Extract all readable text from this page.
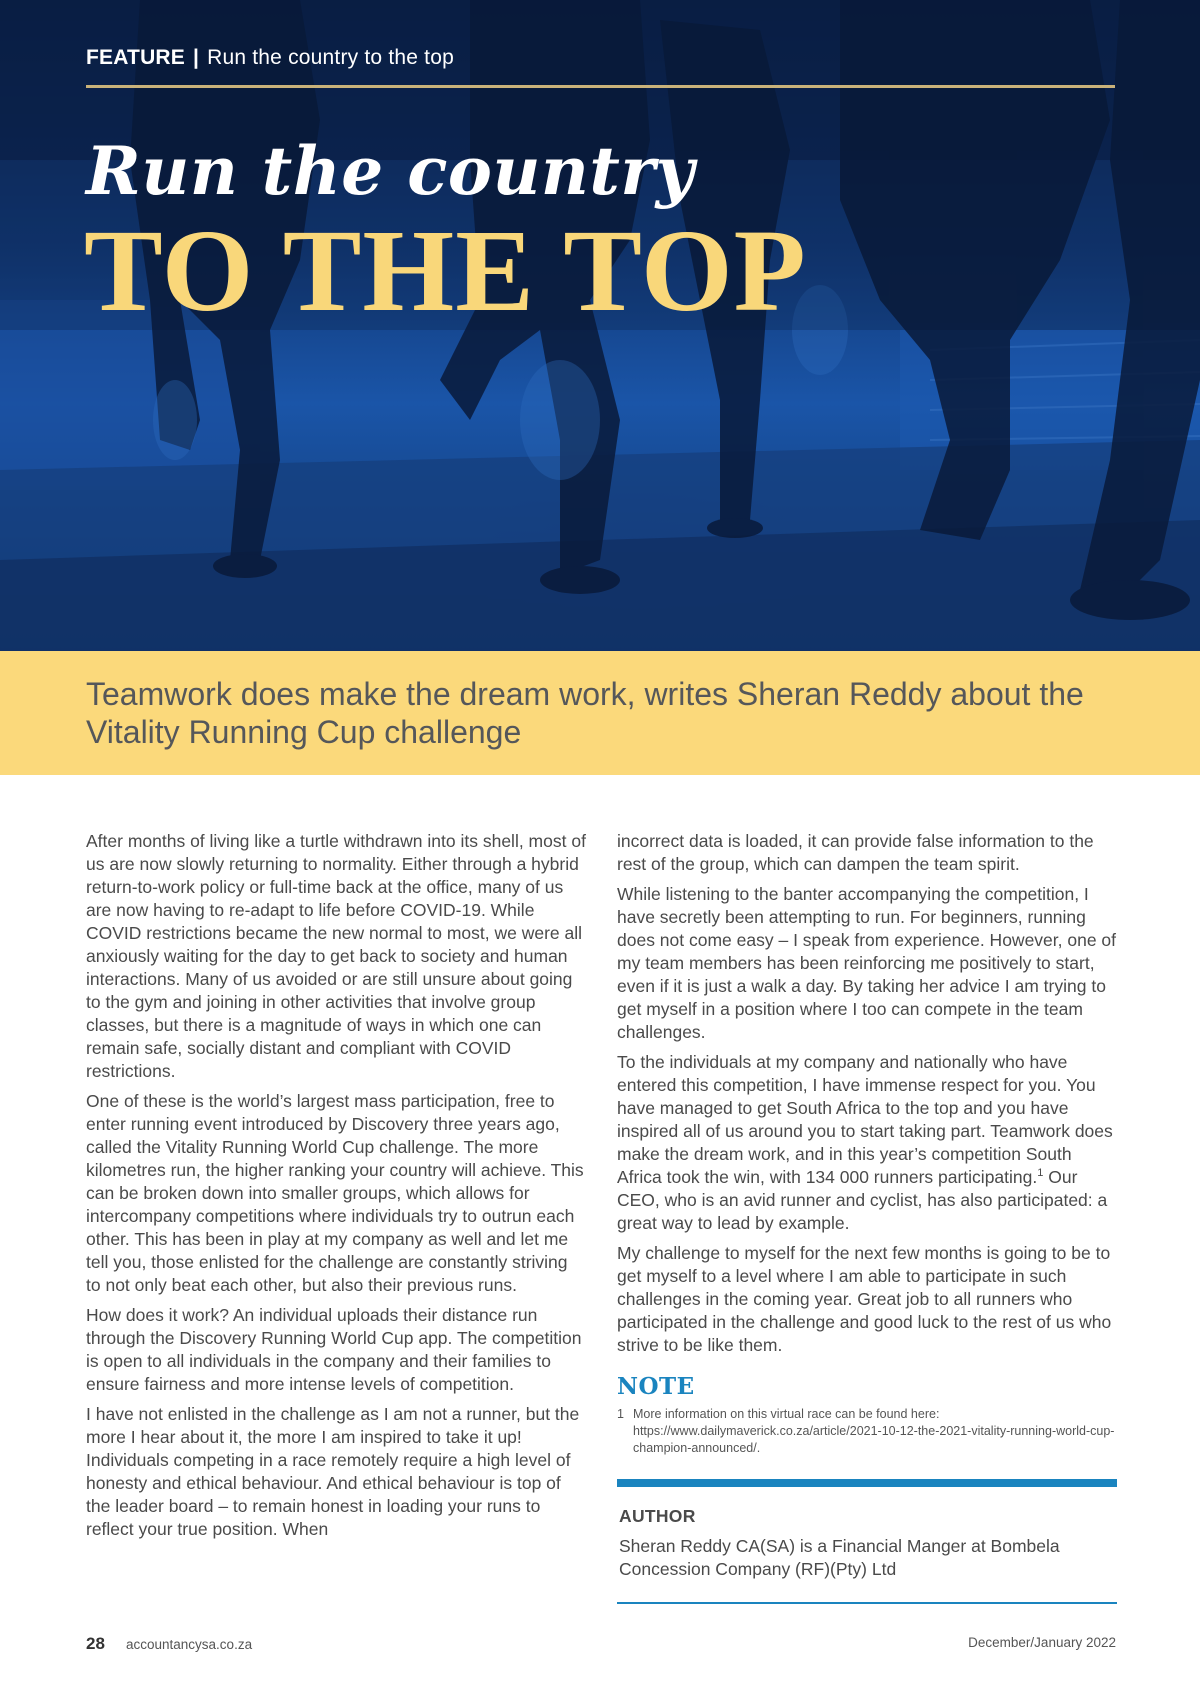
FEATURE | Run the country to the top

Run the country
TO THE TOP

Teamwork does make the dream work, writes Sheran Reddy about the Vitality Running Cup challenge

After months of living like a turtle withdrawn into its shell, most of us are now slowly returning to normality. Either through a hybrid return-to-work policy or full-time back at the office, many of us are now having to re-adapt to life before COVID-19. While COVID restrictions became the new normal to most, we were all anxiously waiting for the day to get back to society and human interactions. Many of us avoided or are still unsure about going to the gym and joining in other activities that involve group classes, but there is a magnitude of ways in which one can remain safe, socially distant and compliant with COVID restrictions.

One of these is the world’s largest mass participation, free to enter running event introduced by Discovery three years ago, called the Vitality Running World Cup challenge. The more kilometres run, the higher ranking your country will achieve. This can be broken down into smaller groups, which allows for intercompany competitions where individuals try to outrun each other. This has been in play at my company as well and let me tell you, those enlisted for the challenge are constantly striving to not only beat each other, but also their previous runs.

How does it work? An individual uploads their distance run through the Discovery Running World Cup app. The competition is open to all individuals in the company and their families to ensure fairness and more intense levels of competition.

I have not enlisted in the challenge as I am not a runner, but the more I hear about it, the more I am inspired to take it up! Individuals competing in a race remotely require a high level of honesty and ethical behaviour. And ethical behaviour is top of the leader board – to remain honest in loading your runs to reflect your true position. When

incorrect data is loaded, it can provide false information to the rest of the group, which can dampen the team spirit.

While listening to the banter accompanying the competition, I have secretly been attempting to run. For beginners, running does not come easy – I speak from experience. However, one of my team members has been reinforcing me positively to start, even if it is just a walk a day. By taking her advice I am trying to get myself in a position where I too can compete in the team challenges.

To the individuals at my company and nationally who have entered this competition, I have immense respect for you. You have managed to get South Africa to the top and you have inspired all of us around you to start taking part. Teamwork does make the dream work, and in this year’s competition South Africa took the win, with 134 000 runners participating.$^1$ Our CEO, who is an avid runner and cyclist, has also participated: a great way to lead by example.

My challenge to myself for the next few months is going to be to get myself to a level where I am able to participate in such challenges in the coming year. Great job to all runners who participated in the challenge and good luck to the rest of us who strive to be like them.

NOTE
1 More information on this virtual race can be found here: https://www.dailymaverick.co.za/article/2021-10-12-the-2021-vitality-running-world-cup-champion-announced/.

AUTHOR

Sheran Reddy CA(SA) is a Financial Manger at Bombela Concession Company (RF)(Pty) Ltd

28 accountancysa.co.za	December/January 2022
